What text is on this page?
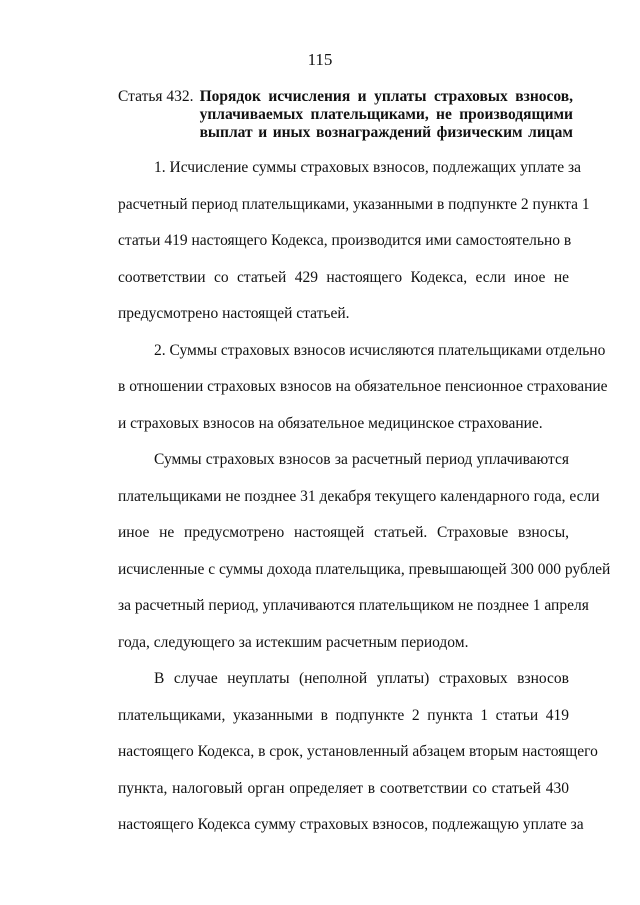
115
Статья 432. Порядок исчисления и уплаты страховых взносов,
уплачиваемых плательщиками, не производящими
выплат и иных вознаграждений физическим лицам
1. Исчисление суммы страховых взносов, подлежащих уплате за
расчетный период плательщиками, указанными в подпункте 2 пункта 1
статьи 419 настоящего Кодекса, производится ими самостоятельно в
соответствии со статьей 429 настоящего Кодекса, если иное не
предусмотрено настоящей статьей.
2. Суммы страховых взносов исчисляются плательщиками отдельно
в отношении страховых взносов на обязательное пенсионное страхование
и страховых взносов на обязательное медицинское страхование.
Суммы страховых взносов за расчетный период уплачиваются
плательщиками не позднее 31 декабря текущего календарного года, если
иное не предусмотрено настоящей статьей. Страховые взносы,
исчисленные с суммы дохода плательщика, превышающей 300 000 рублей
за расчетный период, уплачиваются плательщиком не позднее 1 апреля
года, следующего за истекшим расчетным периодом.
В случае неуплаты (неполной уплаты) страховых взносов
плательщиками, указанными в подпункте 2 пункта 1 статьи 419
настоящего Кодекса, в срок, установленный абзацем вторым настоящего
пункта, налоговый орган определяет в соответствии со статьей 430
настоящего Кодекса сумму страховых взносов, подлежащую уплате за
